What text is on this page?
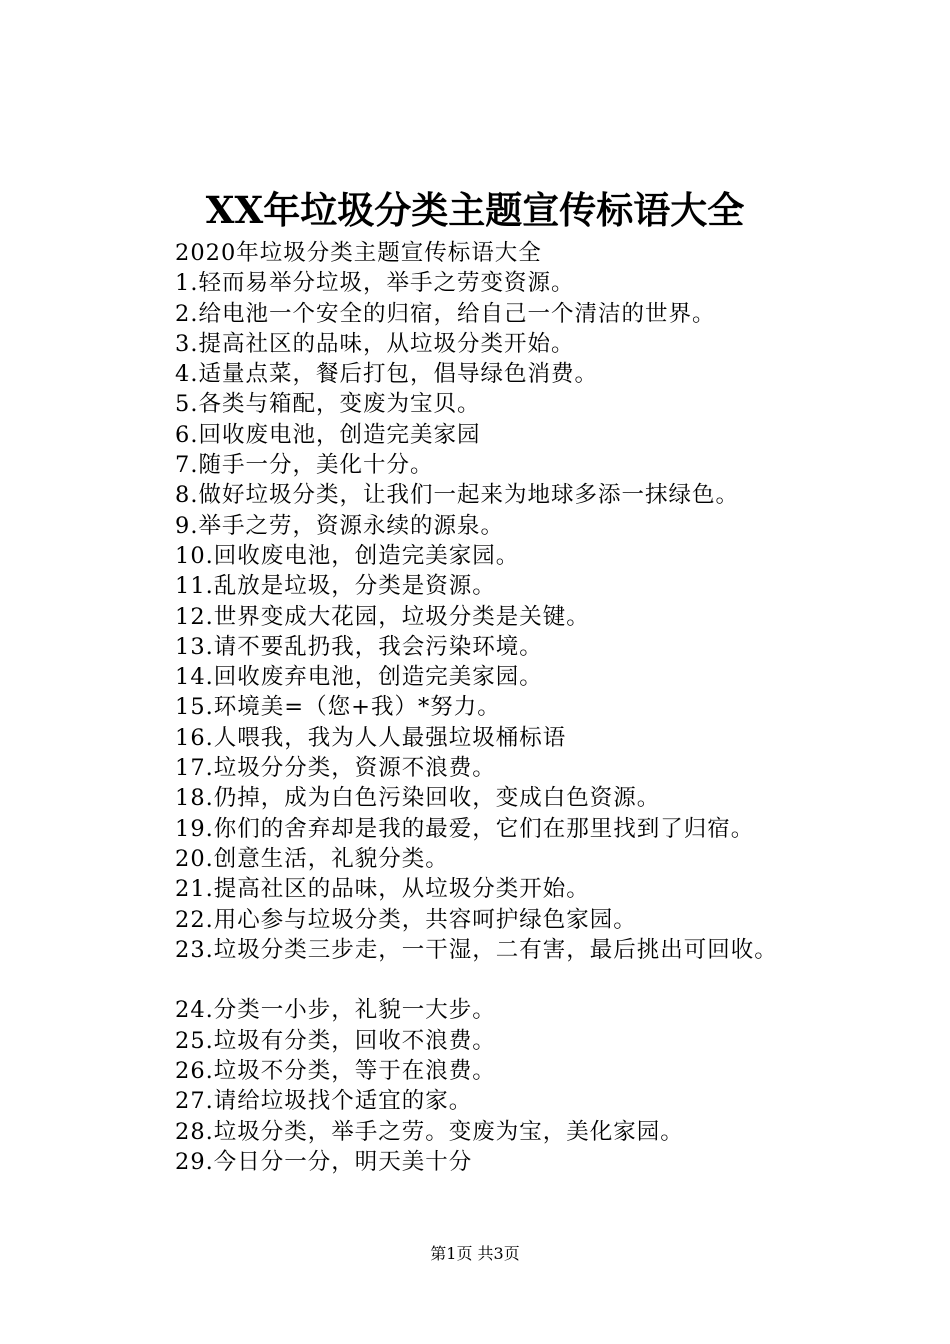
XX年垃圾分类主题宣传标语大全
2020年垃圾分类主题宣传标语大全
1.轻而易举分垃圾，举手之劳变资源。
2.给电池一个安全的归宿，给自己一个清洁的世界。
3.提高社区的品味，从垃圾分类开始。
4.适量点菜，餐后打包，倡导绿色消费。
5.各类与箱配，变废为宝贝。
6.回收废电池，创造完美家园
7.随手一分，美化十分。
8.做好垃圾分类，让我们一起来为地球多添一抹绿色。
9.举手之劳，资源永续的源泉。
10.回收废电池，创造完美家园。
11.乱放是垃圾，分类是资源。
12.世界变成大花园，垃圾分类是关键。
13.请不要乱扔我，我会污染环境。
14.回收废弃电池，创造完美家园。
15.环境美=（您+我）*努力。
16.人喂我，我为人人最强垃圾桶标语
17.垃圾分分类，资源不浪费。
18.仍掉，成为白色污染回收，变成白色资源。
19.你们的舍弃却是我的最爱，它们在那里找到了归宿。
20.创意生活，礼貌分类。
21.提高社区的品味，从垃圾分类开始。
22.用心参与垃圾分类，共容呵护绿色家园。
23.垃圾分类三步走，一干湿，二有害，最后挑出可回收。
24.分类一小步，礼貌一大步。
25.垃圾有分类，回收不浪费。
26.垃圾不分类，等于在浪费。
27.请给垃圾找个适宜的家。
28.垃圾分类，举手之劳。变废为宝，美化家园。
29.今日分一分，明天美十分
第1页 共3页
